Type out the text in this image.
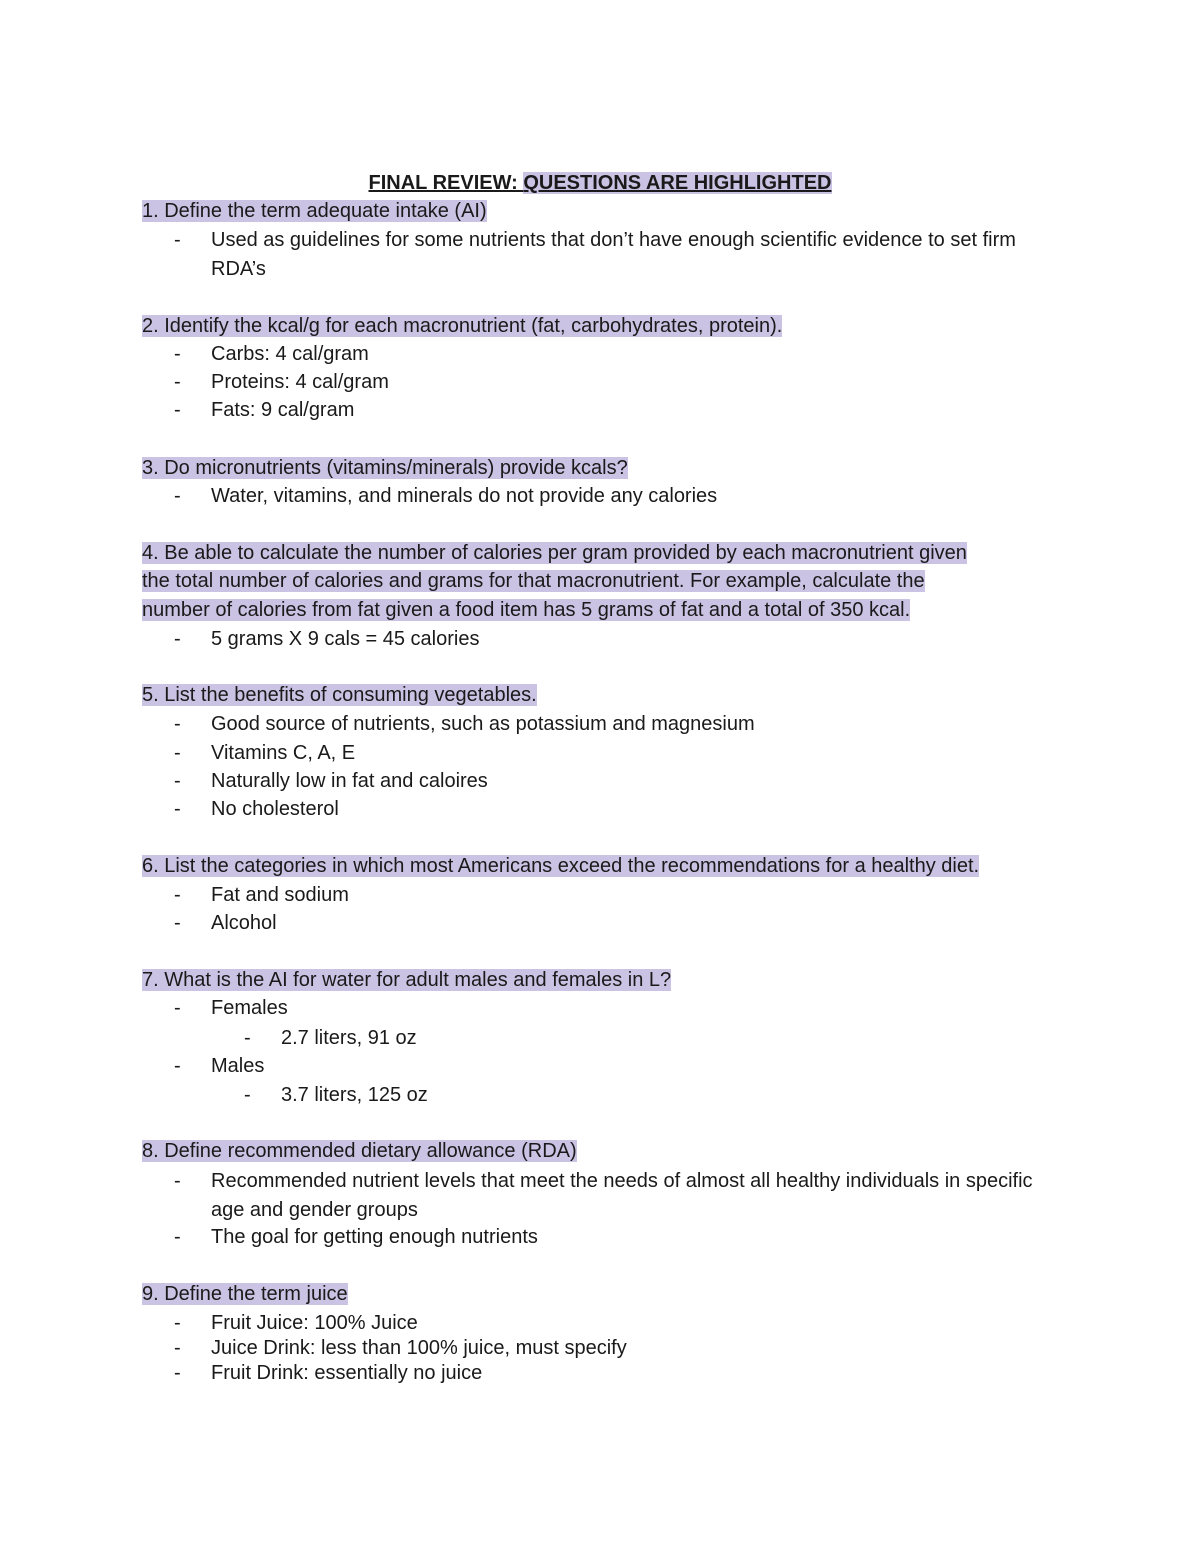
FINAL REVIEW: QUESTIONS ARE HIGHLIGHTED
1. Define the term adequate intake (AI)
- Used as guidelines for some nutrients that don’t have enough scientific evidence to set firm RDA’s
2. Identify the kcal/g for each macronutrient (fat, carbohydrates, protein).
- Carbs: 4 cal/gram
- Proteins: 4 cal/gram
- Fats: 9 cal/gram
3. Do micronutrients (vitamins/minerals) provide kcals?
- Water, vitamins, and minerals do not provide any calories
4. Be able to calculate the number of calories per gram provided by each macronutrient given
the total number of calories and grams for that macronutrient. For example, calculate the
number of calories from fat given a food item has 5 grams of fat and a total of 350 kcal.
- 5 grams X 9 cals = 45 calories
5. List the benefits of consuming vegetables.
- Good source of nutrients, such as potassium and magnesium
- Vitamins C, A, E
- Naturally low in fat and caloires
- No cholesterol
6. List the categories in which most Americans exceed the recommendations for a healthy diet.
- Fat and sodium
- Alcohol
7. What is the AI for water for adult males and females in L?
- Females
- 2.7 liters, 91 oz
- Males
- 3.7 liters, 125 oz
8. Define recommended dietary allowance (RDA)
- Recommended nutrient levels that meet the needs of almost all healthy individuals in specific age and gender groups
- The goal for getting enough nutrients
9. Define the term juice
- Fruit Juice: 100% Juice
- Juice Drink: less than 100% juice, must specify
- Fruit Drink: essentially no juice
